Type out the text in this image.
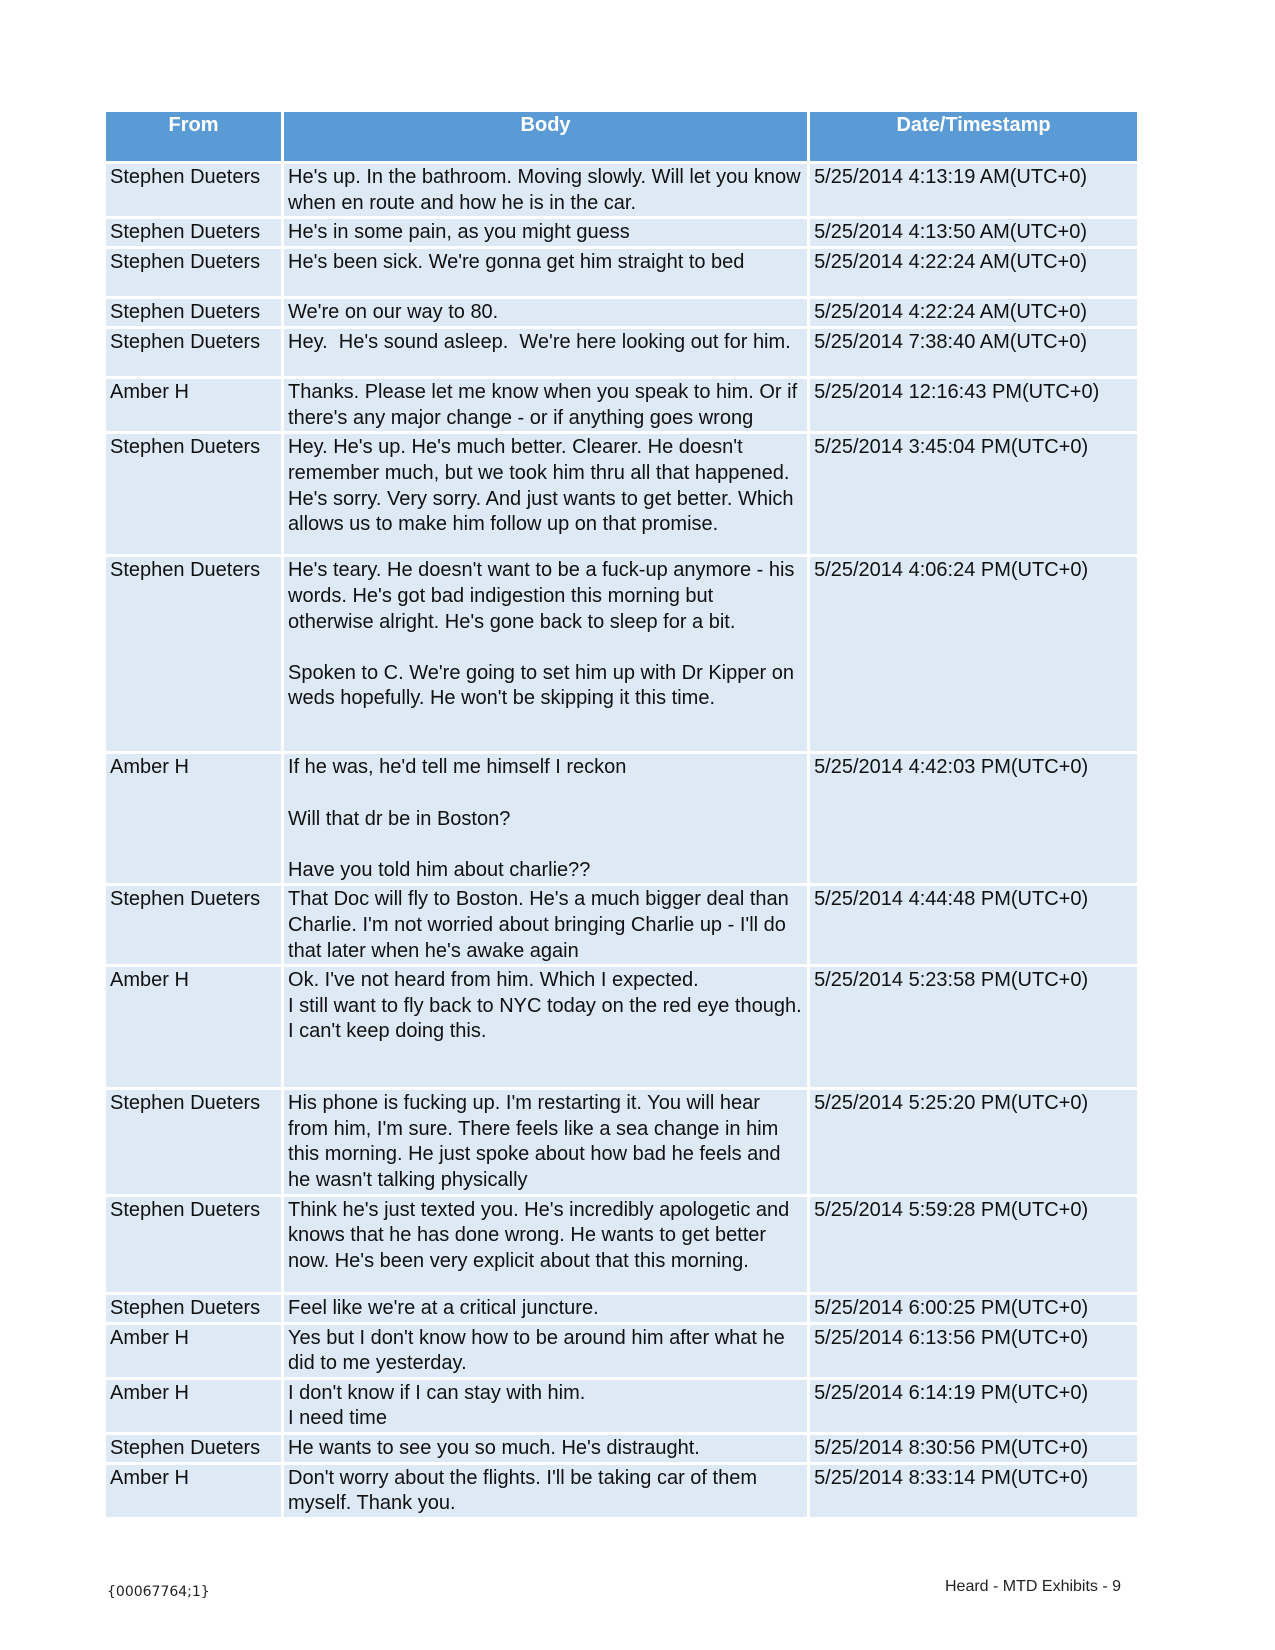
From	Body	Date/Timestamp
Stephen Dueters	He's up. In the bathroom. Moving slowly. Will let you know when en route and how he is in the car.	5/25/2014 4:13:19 AM(UTC+0)
Stephen Dueters	He's in some pain, as you might guess	5/25/2014 4:13:50 AM(UTC+0)
Stephen Dueters	He's been sick. We're gonna get him straight to bed	5/25/2014 4:22:24 AM(UTC+0)
Stephen Dueters	We're on our way to 80.	5/25/2014 4:22:24 AM(UTC+0)
Stephen Dueters	Hey.  He's sound asleep.  We're here looking out for him.	5/25/2014 7:38:40 AM(UTC+0)
Amber H	Thanks. Please let me know when you speak to him. Or if there's any major change - or if anything goes wrong	5/25/2014 12:16:43 PM(UTC+0)
Stephen Dueters	Hey. He's up. He's much better. Clearer. He doesn't remember much, but we took him thru all that happened. He's sorry. Very sorry. And just wants to get better. Which allows us to make him follow up on that promise.	5/25/2014 3:45:04 PM(UTC+0)
Stephen Dueters	He's teary. He doesn't want to be a fuck-up anymore - his words. He's got bad indigestion this morning but otherwise alright. He's gone back to sleep for a bit.

Spoken to C. We're going to set him up with Dr Kipper on weds hopefully. He won't be skipping it this time.	5/25/2014 4:06:24 PM(UTC+0)
Amber H	If he was, he'd tell me himself I reckon

Will that dr be in Boston?

Have you told him about charlie??	5/25/2014 4:42:03 PM(UTC+0)
Stephen Dueters	That Doc will fly to Boston. He's a much bigger deal than Charlie. I'm not worried about bringing Charlie up - I'll do that later when he's awake again	5/25/2014 4:44:48 PM(UTC+0)
Amber H	Ok. I've not heard from him. Which I expected.
I still want to fly back to NYC today on the red eye though.
I can't keep doing this.	5/25/2014 5:23:58 PM(UTC+0)
Stephen Dueters	His phone is fucking up. I'm restarting it. You will hear from him, I'm sure. There feels like a sea change in him this morning. He just spoke about how bad he feels and he wasn't talking physically	5/25/2014 5:25:20 PM(UTC+0)
Stephen Dueters	Think he's just texted you. He's incredibly apologetic and knows that he has done wrong. He wants to get better now. He's been very explicit about that this morning.	5/25/2014 5:59:28 PM(UTC+0)
Stephen Dueters	Feel like we're at a critical juncture.	5/25/2014 6:00:25 PM(UTC+0)
Amber H	Yes but I don't know how to be around him after what he did to me yesterday.	5/25/2014 6:13:56 PM(UTC+0)
Amber H	I don't know if I can stay with him.
I need time	5/25/2014 6:14:19 PM(UTC+0)
Stephen Dueters	He wants to see you so much. He's distraught.	5/25/2014 8:30:56 PM(UTC+0)
Amber H	Don't worry about the flights. I'll be taking car of them myself. Thank you.	5/25/2014 8:33:14 PM(UTC+0)
{00067764;1}	Heard - MTD Exhibits - 9
